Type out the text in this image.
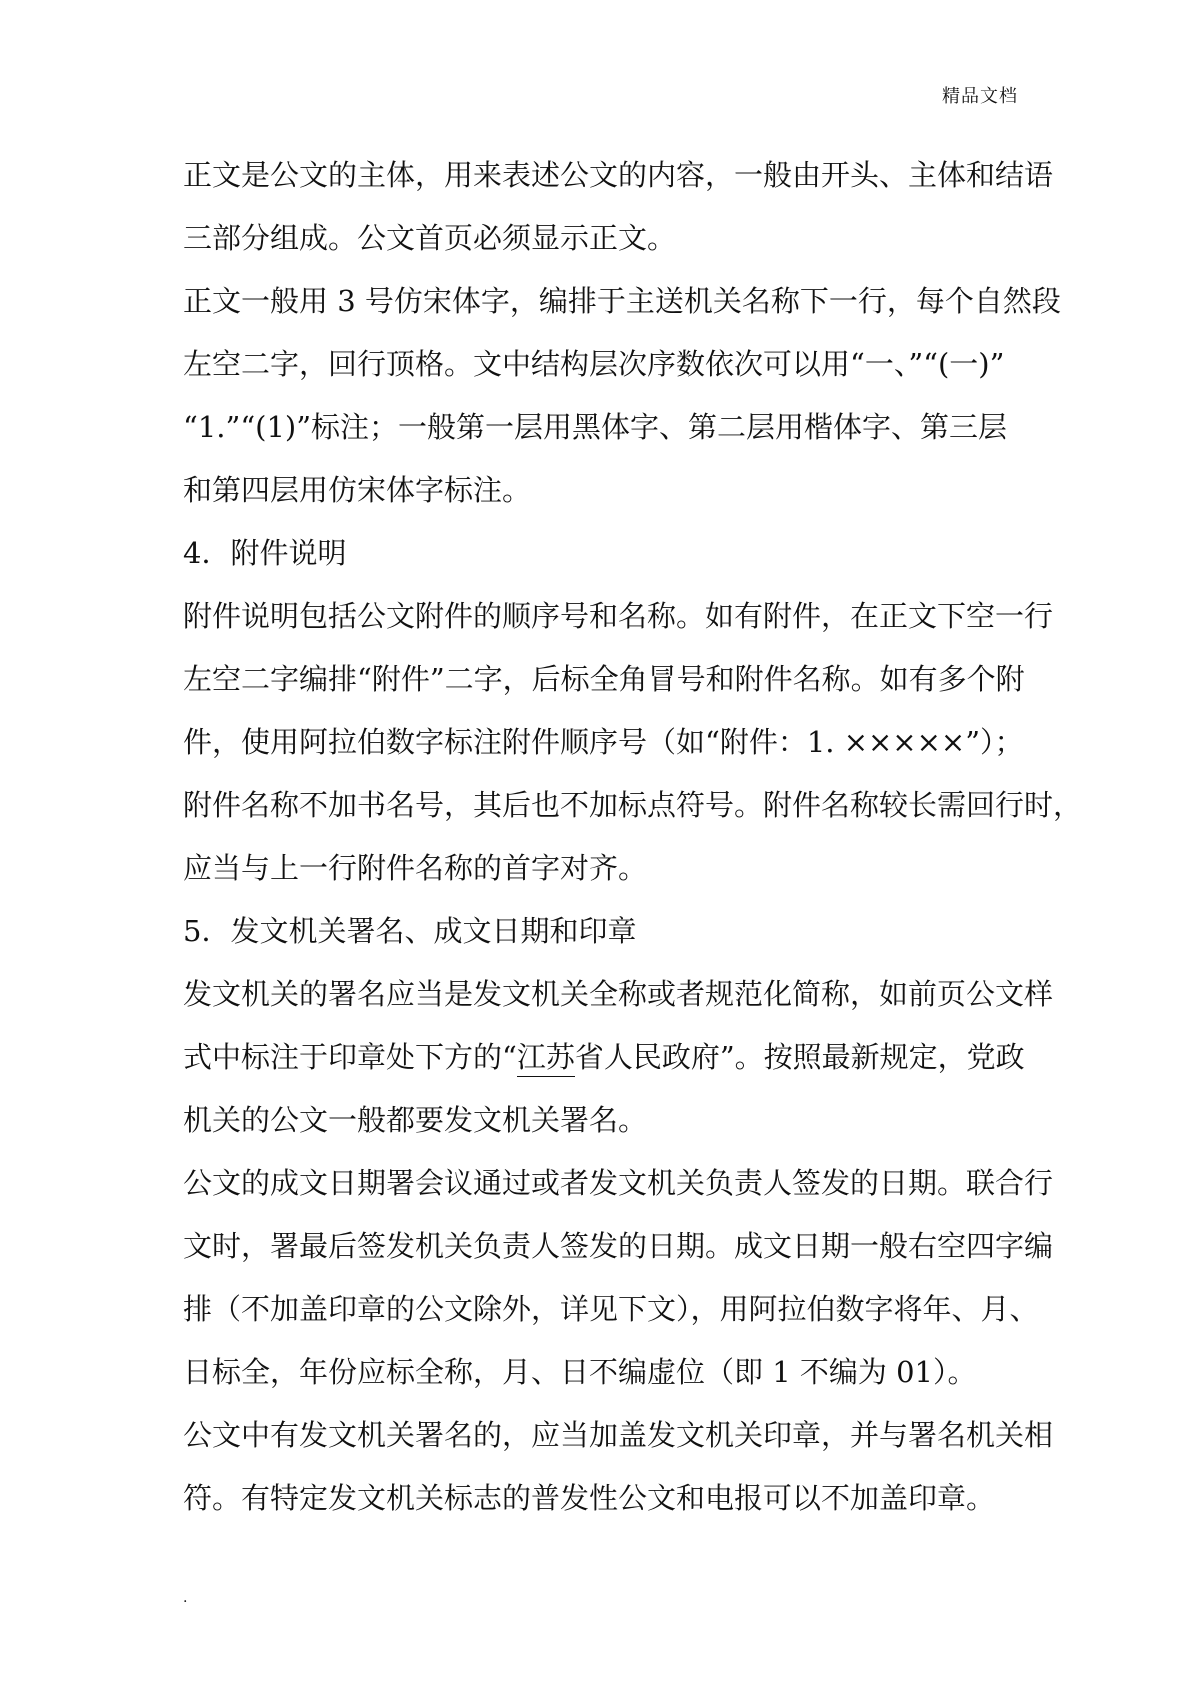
精品文档
正文是公文的主体，用来表述公文的内容，一般由开头、主体和结语
三部分组成。公文首页必须显示正文。
正文一般用 3 号仿宋体字，编排于主送机关名称下一行，每个自然段
左空二字，回行顶格。文中结构层次序数依次可以用“一、”“(一)”
“1.”“(1)”标注；一般第一层用黑体字、第二层用楷体字、第三层
和第四层用仿宋体字标注。
4．附件说明
附件说明包括公文附件的顺序号和名称。如有附件，在正文下空一行
左空二字编排“附件”二字，后标全角冒号和附件名称。如有多个附
件，使用阿拉伯数字标注附件顺序号（如“附件：1. ×××××”）；
附件名称不加书名号，其后也不加标点符号。附件名称较长需回行时，
应当与上一行附件名称的首字对齐。
5．发文机关署名、成文日期和印章
发文机关的署名应当是发文机关全称或者规范化简称，如前页公文样
式中标注于印章处下方的“江苏省人民政府”。按照最新规定，党政
机关的公文一般都要发文机关署名。
公文的成文日期署会议通过或者发文机关负责人签发的日期。联合行
文时，署最后签发机关负责人签发的日期。成文日期一般右空四字编
排（不加盖印章的公文除外，详见下文），用阿拉伯数字将年、月、
日标全，年份应标全称，月、日不编虚位（即 1 不编为 01）。
公文中有发文机关署名的，应当加盖发文机关印章，并与署名机关相
符。有特定发文机关标志的普发性公文和电报可以不加盖印章。
.
